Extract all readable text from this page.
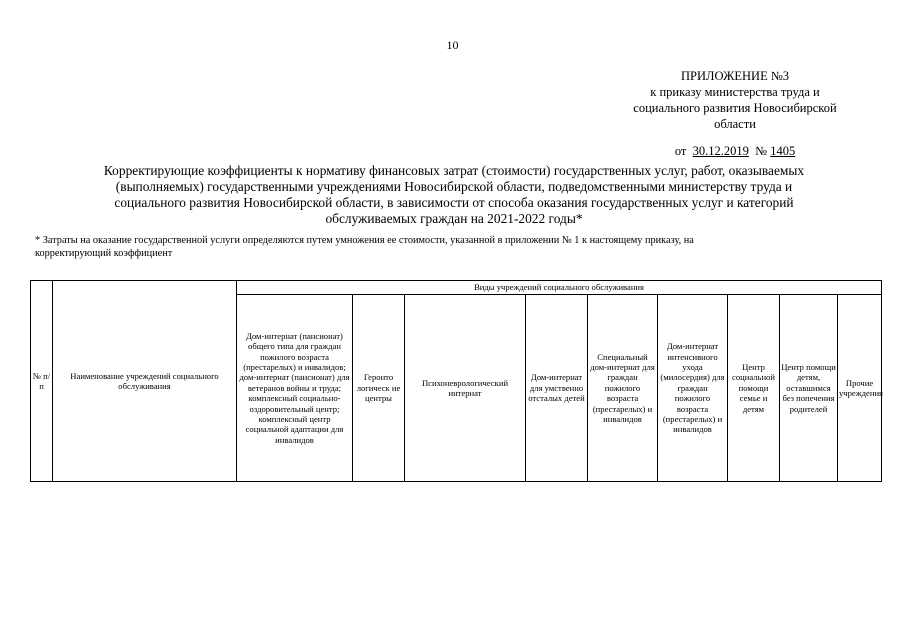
10
ПРИЛОЖЕНИЕ №3
к приказу министерства труда и
социального развития Новосибирской
области
от 30.12.2019 № 1405
Корректирующие коэффициенты к нормативу финансовых затрат (стоимости) государственных услуг, работ, оказываемых
(выполняемых) государственными учреждениями Новосибирской области, подведомственными министерству труда и
социального развития Новосибирской области, в зависимости от способа оказания государственных услуг и категорий
обслуживаемых граждан на 2021-2022 годы*
* Затраты на оказание государственной услуги определяются путем умножения ее стоимости, указанной в приложении № 1 к настоящему приказу, на
корректирующий коэффициент
№ п/п	Наименование учреждений социального обслуживания	Виды учреждений социального обслуживания								
		Дом-интернат (пансионат) общего типа для граждан пожилого возраста (престарелых) и инвалидов; дом-интернат (пансионат) для ветеранов войны и труда; комплексный социально-оздоровительный центр; комплексный центр социальной адаптации для инвалидов	Геронто логическ ие центры	Психоневрологический интернат	Дом-интернат для умственно отсталых детей	Специальный дом-интернат для граждан пожилого возраста (престарелых) и инвалидов	Дом-интернат интенсивного ухода (милосердия) для граждан пожилого возраста (престарелых) и инвалидов	Центр социальной помощи семье и детям	Центр помощи детям, оставшимся без попечения родителей	Прочие учреждения
